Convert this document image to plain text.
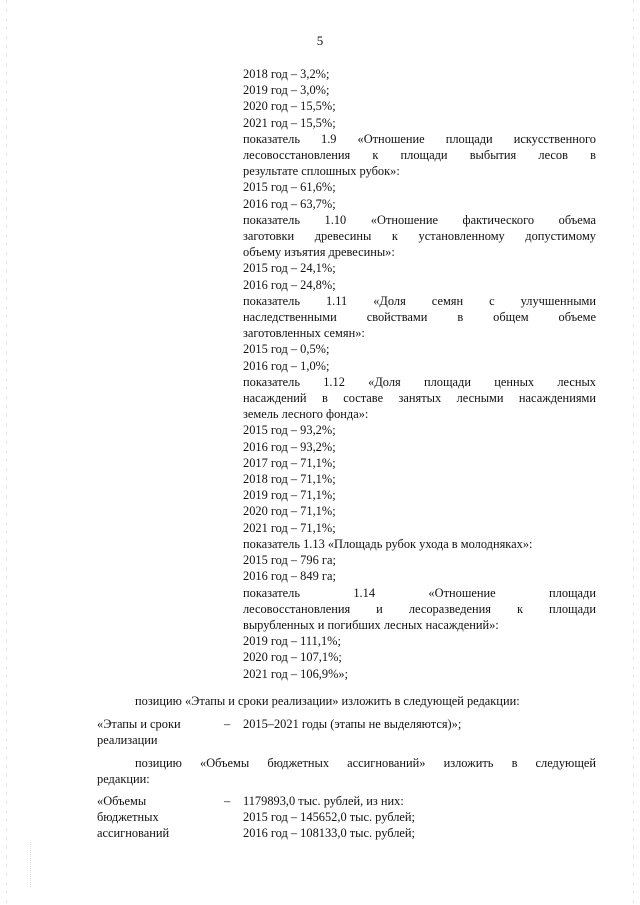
5
2018 год – 3,2%;
2019 год – 3,0%;
2020 год – 15,5%;
2021 год – 15,5%;
показатель 1.9 «Отношение площади искусственного
лесовосстановления к площади выбытия лесов в
результате сплошных рубок»:
2015 год – 61,6%;
2016 год – 63,7%;
показатель 1.10 «Отношение фактического объема
заготовки древесины к установленному допустимому
объему изъятия древесины»:
2015 год – 24,1%;
2016 год – 24,8%;
показатель 1.11 «Доля семян с улучшенными
наследственными свойствами в общем объеме
заготовленных семян»:
2015 год – 0,5%;
2016 год – 1,0%;
показатель 1.12 «Доля площади ценных лесных
насаждений в составе занятых лесными насаждениями
земель лесного фонда»:
2015 год – 93,2%;
2016 год – 93,2%;
2017 год – 71,1%;
2018 год – 71,1%;
2019 год – 71,1%;
2020 год – 71,1%;
2021 год – 71,1%;
показатель 1.13 «Площадь рубок ухода в молодняках»:
2015 год – 796 га;
2016 год – 849 га;
показатель 1.14 «Отношение площади
лесовосстановления и лесоразведения к площади
вырубленных и погибших лесных насаждений»:
2019 год – 111,1%;
2020 год – 107,1%;
2021 год – 106,9%»;
позицию «Этапы и сроки реализации» изложить в следующей редакции:
«Этапы и сроки реализации
– 2015–2021 годы (этапы не выделяются)»;
позицию «Объемы бюджетных ассигнований» изложить в следующей
редакции:
«Объемы бюджетных ассигнований
– 1179893,0 тыс. рублей, из них:
2015 год – 145652,0 тыс. рублей;
2016 год – 108133,0 тыс. рублей;
